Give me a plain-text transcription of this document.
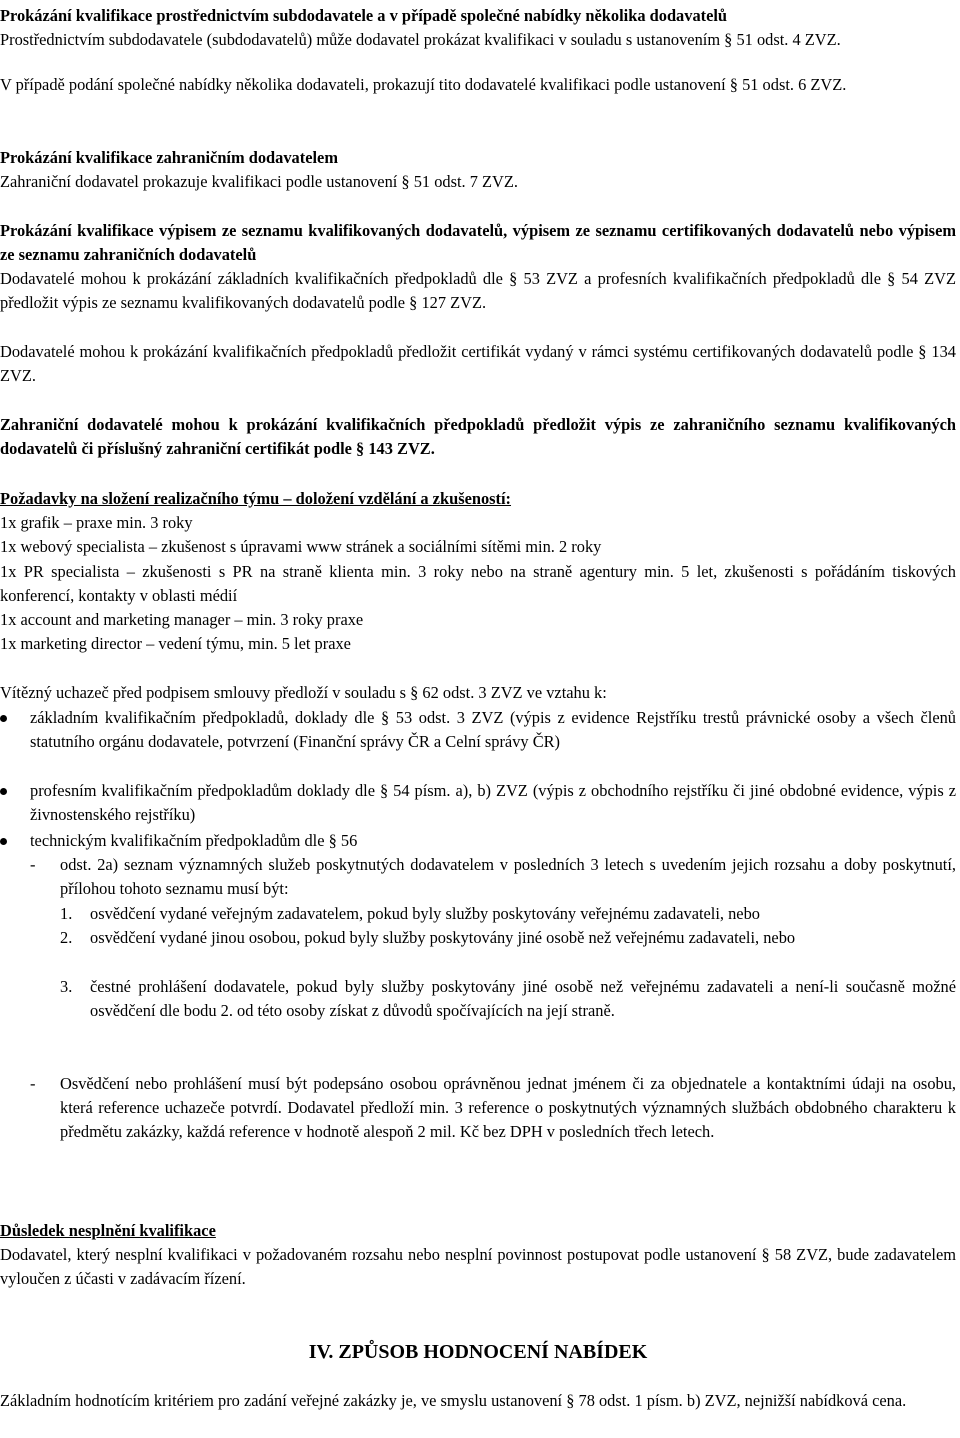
Prokázání kvalifikace prostřednictvím subdodavatele a v případě společné nabídky několika dodavatelů

Prostřednictvím subdodavatele (subdodavatelů) může dodavatel prokázat kvalifikaci v souladu s ustanovením § 51 odst. 4 ZVZ.

V případě podání společné nabídky několika dodavateli, prokazují tito dodavatelé kvalifikaci podle ustanovení § 51 odst. 6 ZVZ.

Prokázání kvalifikace zahraničním dodavatelem

Zahraniční dodavatel prokazuje kvalifikaci podle ustanovení § 51 odst. 7 ZVZ.

Prokázání kvalifikace výpisem ze seznamu kvalifikovaných dodavatelů, výpisem ze seznamu certifikovaných dodavatelů nebo výpisem ze seznamu zahraničních dodavatelů

Dodavatelé mohou k prokázání základních kvalifikačních předpokladů dle § 53 ZVZ a profesních kvalifikačních předpokladů dle § 54 ZVZ předložit výpis ze seznamu kvalifikovaných dodavatelů podle § 127 ZVZ.

Dodavatelé mohou k prokázání kvalifikačních předpokladů předložit certifikát vydaný v rámci systému certifikovaných dodavatelů podle § 134 ZVZ.

Zahraniční dodavatelé mohou k prokázání kvalifikačních předpokladů předložit výpis ze zahraničního seznamu kvalifikovaných dodavatelů či příslušný zahraniční certifikát podle § 143 ZVZ.

Požadavky na složení realizačního týmu – doložení vzdělání a zkušeností:

1x grafik – praxe min. 3 roky

1x webový specialista – zkušenost s úpravami www stránek a sociálními sítěmi min. 2 roky

1x PR specialista – zkušenosti s PR na straně klienta min. 3 roky nebo na straně agentury min. 5 let, zkušenosti s pořádáním tiskových konferencí, kontakty v oblasti médií

1x account and marketing manager – min. 3 roky praxe

1x marketing director – vedení týmu, min. 5 let praxe

Vítězný uchazeč před podpisem smlouvy předloží v souladu s § 62 odst. 3 ZVZ ve vztahu k:

základním kvalifikačním předpokladů, doklady dle § 53 odst. 3 ZVZ (výpis z evidence Rejstříku trestů právnické osoby a všech členů statutního orgánu dodavatele, potvrzení (Finanční správy ČR a Celní správy ČR)

profesním kvalifikačním předpokladům doklady dle § 54 písm. a), b) ZVZ (výpis z obchodního rejstříku či jiné obdobné evidence, výpis z živnostenského rejstříku)

technickým kvalifikačním předpokladům dle § 56

- odst. 2a) seznam významných služeb poskytnutých dodavatelem v posledních 3 letech s uvedením jejich rozsahu a doby poskytnutí, přílohou tohoto seznamu musí být:

1. osvědčení vydané veřejným zadavatelem, pokud byly služby poskytovány veřejnému zadavateli, nebo

2. osvědčení vydané jinou osobou, pokud byly služby poskytovány jiné osobě než veřejnému zadavateli, nebo

3. čestné prohlášení dodavatele, pokud byly služby poskytovány jiné osobě než veřejnému zadavateli a není-li současně možné osvědčení dle bodu 2. od této osoby získat z důvodů spočívajících na její straně.

- Osvědčení nebo prohlášení musí být podepsáno osobou oprávněnou jednat jménem či za objednatele a kontaktními údaji na osobu, která reference uchazeče potvrdí. Dodavatel předloží min. 3 reference o poskytnutých významných službách obdobného charakteru k předmětu zakázky, každá reference v hodnotě alespoň 2 mil. Kč bez DPH v posledních třech letech.

Důsledek nesplnění kvalifikace

Dodavatel, který nesplní kvalifikaci v požadovaném rozsahu nebo nesplní povinnost postupovat podle ustanovení § 58 ZVZ, bude zadavatelem vyloučen z účasti v zadávacím řízení.

IV. ZPŮSOB HODNOCENÍ NABÍDEK

Základním hodnotícím kritériem pro zadání veřejné zakázky je, ve smyslu ustanovení § 78 odst. 1 písm. b) ZVZ, nejnižší nabídková cena.
